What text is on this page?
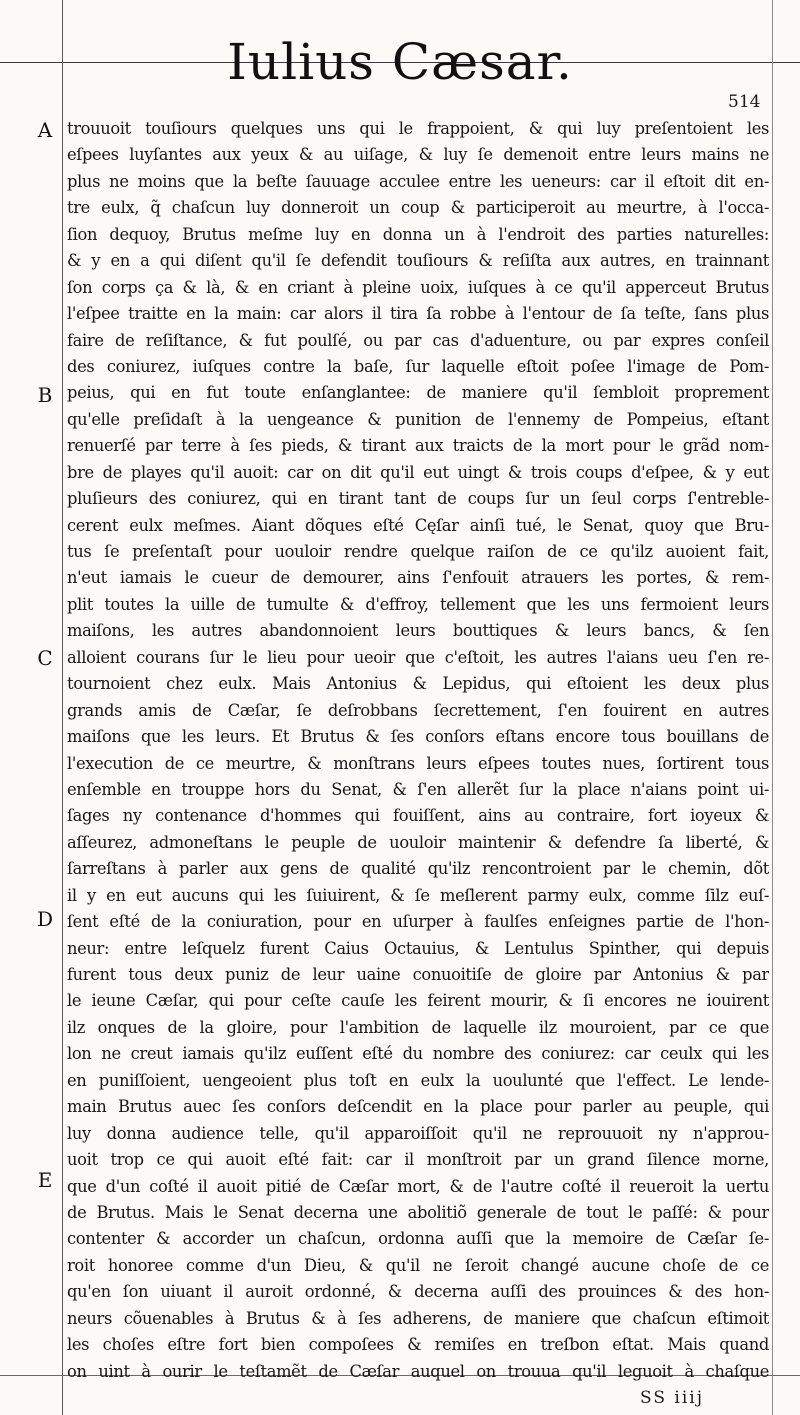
Iulius Cæsar.
514
A
B
C
D
E
trouuoit touſiours quelques uns qui le frappoient, & qui luy preſentoient les
eſpees luyſantes aux yeux & au uiſage, & luy ſe demenoit entre leurs mains ne
plus ne moins que la beſte ſauuage acculee entre les ueneurs: car il eſtoit dit en-
tre eulx, q̃ chaſcun luy donneroit un coup & participeroit au meurtre, à l'occa-
ſion dequoy, Brutus meſme luy en donna un à l'endroit des parties naturelles:
& y en a qui diſent qu'il ſe defendit touſiours & reſiſta aux autres, en trainnant
ſon corps ça & là, & en criant à pleine uoix, iuſques à ce qu'il apperceut Brutus
l'eſpee traitte en la main: car alors il tira ſa robbe à l'entour de ſa teſte, ſans plus
faire de reſiſtance, & fut poulſé, ou par cas d'aduenture, ou par expres conſeil
des coniurez, iuſques contre la baſe, ſur laquelle eſtoit poſee l'image de Pom-
peius, qui en fut toute enſanglantee: de maniere qu'il ſembloit proprement
qu'elle preſidaſt à la uengeance & punition de l'ennemy de Pompeius, eſtant
renuerſé par terre à ſes pieds, & tirant aux traicts de la mort pour le grãd nom-
bre de playes qu'il auoit: car on dit qu'il eut uingt & trois coups d'eſpee, & y eut
pluſieurs des coniurez, qui en tirant tant de coups ſur un ſeul corps ſ'entreble-
cerent eulx meſmes. Aiant dõques eſté Cęſar ainſi tué, le Senat, quoy que Bru-
tus ſe preſentaſt pour uouloir rendre quelque raiſon de ce qu'ilz auoient fait,
n'eut iamais le cueur de demourer, ains ſ'enfouit atrauers les portes, & rem-
plit toutes la uille de tumulte & d'effroy, tellement que les uns fermoient leurs
maiſons, les autres abandonnoient leurs bouttiques & leurs bancs, & ſen
alloient courans ſur le lieu pour ueoir que c'eſtoit, les autres l'aians ueu ſ'en re-
tournoient chez eulx. Mais Antonius & Lepidus, qui eſtoient les deux plus
grands amis de Cæſar, ſe deſrobbans ſecrettement, ſ'en fouirent en autres
maiſons que les leurs. Et Brutus & ſes conſors eſtans encore tous bouillans de
l'execution de ce meurtre, & monſtrans leurs eſpees toutes nues, ſortirent tous
enſemble en trouppe hors du Senat, & ſ'en allerẽt ſur la place n'aians point ui-
ſages ny contenance d'hommes qui fouiſſent, ains au contraire, fort ioyeux &
aſſeurez, admoneſtans le peuple de uouloir maintenir & defendre ſa liberté, &
ſarreſtans à parler aux gens de qualité qu'ilz rencontroient par le chemin, dõt
il y en eut aucuns qui les ſuiuirent, & ſe meſlerent parmy eulx, comme ſilz euſ-
ſent eſté de la coniuration, pour en uſurper à faulſes enſeignes partie de l'hon-
neur: entre leſquelz furent Caius Octauius, & Lentulus Spinther, qui depuis
furent tous deux puniz de leur uaine conuoitiſe de gloire par Antonius & par
le ieune Cæſar, qui pour ceſte cauſe les feirent mourir, & ſi encores ne iouirent
ilz onques de la gloire, pour l'ambition de laquelle ilz mouroient, par ce que
lon ne creut iamais qu'ilz euſſent eſté du nombre des coniurez: car ceulx qui les
en puniſſoient, uengeoient plus toſt en eulx la uoulunté que l'effect. Le lende-
main Brutus auec ſes conſors deſcendit en la place pour parler au peuple, qui
luy donna audience telle, qu'il apparoiſſoit qu'il ne reprouuoit ny n'approu-
uoit trop ce qui auoit eſté fait: car il monſtroit par un grand ſilence morne,
que d'un coſté il auoit pitié de Cæſar mort, & de l'autre coſté il reueroit la uertu
de Brutus. Mais le Senat decerna une abolitiõ generale de tout le paſſé: & pour
contenter & accorder un chaſcun, ordonna auſſi que la memoire de Cæſar ſe-
roit honoree comme d'un Dieu, & qu'il ne ſeroit changé aucune choſe de ce
qu'en ſon uiuant il auroit ordonné, & decerna auſſi des prouinces & des hon-
neurs cõuenables à Brutus & à ſes adherens, de maniere que chaſcun eſtimoit
les choſes eſtre fort bien compoſees & remiſes en treſbon eſtat. Mais quand
on uint à ourir le teſtamẽt de Cæſar auquel on trouua qu'il leguoit à chaſque
SS iiij
